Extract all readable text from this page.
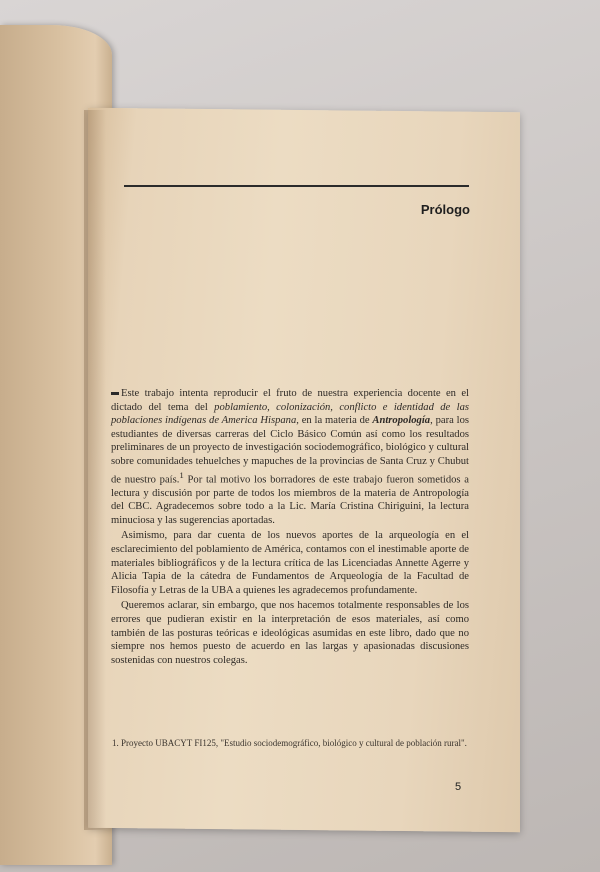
Prólogo

Este trabajo intenta reproducir el fruto de nuestra experiencia docente en el dictado del tema del poblamiento, colonización, conflicto e identidad de las poblaciones indígenas de America Hispana, en la materia de Antropología, para los estudiantes de diversas carreras del Ciclo Básico Común así como los resultados preliminares de un proyecto de investigación sociodemográfico, biológico y cultural sobre comunidades tehuelches y mapuches de la provincias de Santa Cruz y Chubut de nuestro país.$^1$ Por tal motivo los borradores de este trabajo fueron sometidos a lectura y discusión por parte de todos los miembros de la materia de Antropología del CBC. Agradecemos sobre todo a la Lic. María Cristina Chiriguini, la lectura minuciosa y las sugerencias aportadas.

Asimismo, para dar cuenta de los nuevos aportes de la arqueología en el esclarecimiento del poblamiento de América, contamos con el inestimable aporte de materiales bibliográficos y de la lectura crítica de las Licenciadas Annette Agerre y Alicia Tapia de la cátedra de Fundamentos de Arqueología de la Facultad de Filosofía y Letras de la UBA a quienes les agradecemos profundamente.

Queremos aclarar, sin embargo, que nos hacemos totalmente responsables de los errores que pudieran existir en la interpretación de esos materiales, así como también de las posturas teóricas e ideológicas asumidas en este libro, dado que no siempre nos hemos puesto de acuerdo en las largas y apasionadas discusiones sostenidas con nuestros colegas.

1. Proyecto UBACYT FI125, "Estudio sociodemográfico, biológico y cultural de población rural".
5
